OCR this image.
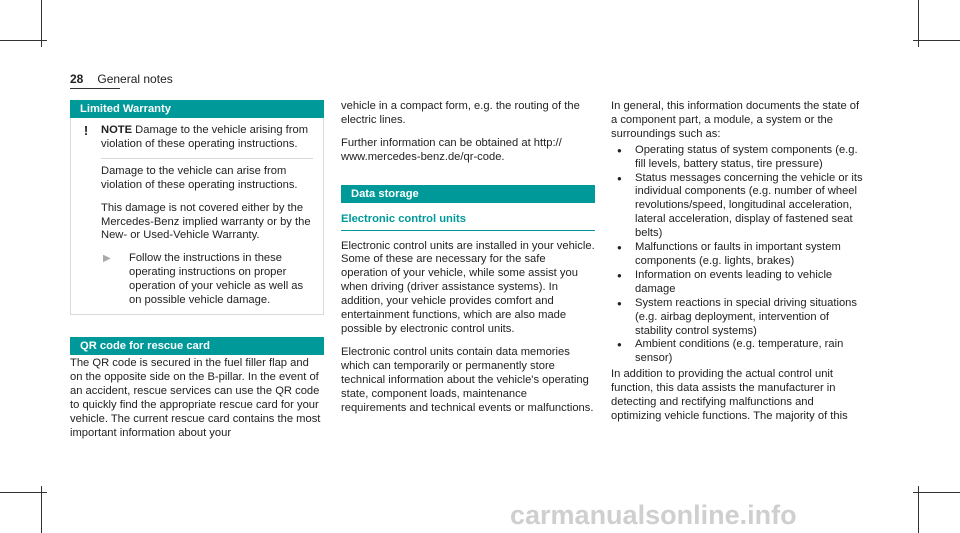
28 General notes
Limited Warranty
!	NOTE Damage to the vehicle arising from violation of these operating instructions.

Damage to the vehicle can arise from violation of these operating instructions.

This damage is not covered either by the Mercedes-Benz implied warranty or by the New- or Used-Vehicle Warranty.

▶	Follow the instructions in these operating instructions on proper operation of your vehicle as well as on possible vehicle damage.
QR code for rescue card

The QR code is secured in the fuel filler flap and on the opposite side on the B-pillar. In the event of an accident, rescue services can use the QR code to quickly find the appropriate rescue card for your vehicle. The current rescue card contains the most important information about your

vehicle in a compact form, e.g. the routing of the electric lines.

Further information can be obtained at http:// www.mercedes-benz.de/qr-code.

Data storage
Electronic control units

Electronic control units are installed in your vehicle. Some of these are necessary for the safe operation of your vehicle, while some assist you when driving (driver assistance systems). In addition, your vehicle provides comfort and entertainment functions, which are also made possible by electronic control units.

Electronic control units contain data memories which can temporarily or permanently store technical information about the vehicle's operating state, component loads, maintenance requirements and technical events or malfunctions.

In general, this information documents the state of a component part, a module, a system or the surroundings such as:

●	Operating status of system components (e.g. fill levels, battery status, tire pressure)
●	Status messages concerning the vehicle or its individual components (e.g. number of wheel revolutions/speed, longitudinal acceleration, lateral acceleration, display of fastened seat belts)
●	Malfunctions or faults in important system components (e.g. lights, brakes)
●	Information on events leading to vehicle damage
●	System reactions in special driving situations (e.g. airbag deployment, intervention of stability control systems)
●	Ambient conditions (e.g. temperature, rain sensor)

In addition to providing the actual control unit function, this data assists the manufacturer in detecting and rectifying malfunctions and optimizing vehicle functions. The majority of this

carmanualsonline.info
